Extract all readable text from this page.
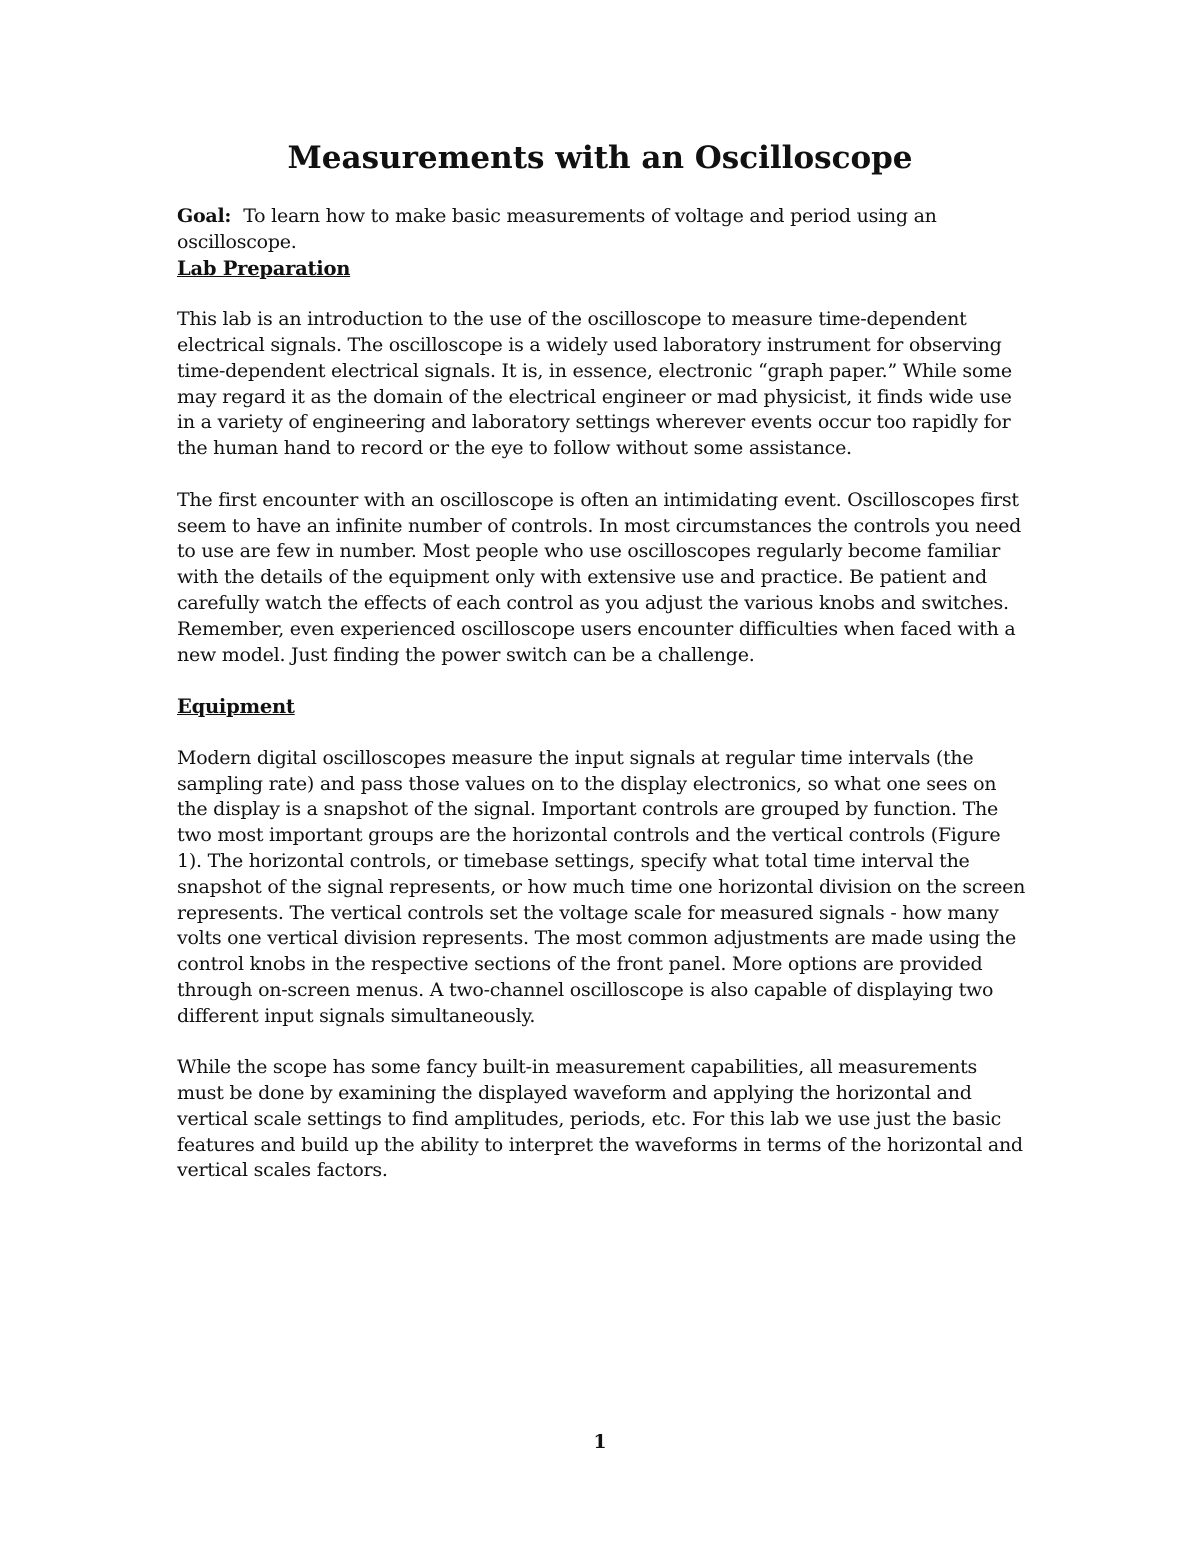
Measurements with an Oscilloscope

Goal: To learn how to make basic measurements of voltage and period using an oscilloscope.

Lab Preparation

This lab is an introduction to the use of the oscilloscope to measure time-dependent electrical signals. The oscilloscope is a widely used laboratory instrument for observing time-dependent electrical signals. It is, in essence, electronic “graph paper.” While some may regard it as the domain of the electrical engineer or mad physicist, it finds wide use in a variety of engineering and laboratory settings wherever events occur too rapidly for the human hand to record or the eye to follow without some assistance.

The first encounter with an oscilloscope is often an intimidating event. Oscilloscopes first seem to have an infinite number of controls. In most circumstances the controls you need to use are few in number. Most people who use oscilloscopes regularly become familiar with the details of the equipment only with extensive use and practice. Be patient and carefully watch the effects of each control as you adjust the various knobs and switches. Remember, even experienced oscilloscope users encounter difficulties when faced with a new model. Just finding the power switch can be a challenge.

Equipment

Modern digital oscilloscopes measure the input signals at regular time intervals (the sampling rate) and pass those values on to the display electronics, so what one sees on the display is a snapshot of the signal. Important controls are grouped by function. The two most important groups are the horizontal controls and the vertical controls (Figure 1). The horizontal controls, or timebase settings, specify what total time interval the snapshot of the signal represents, or how much time one horizontal division on the screen represents. The vertical controls set the voltage scale for measured signals - how many volts one vertical division represents. The most common adjustments are made using the control knobs in the respective sections of the front panel. More options are provided through on-screen menus. A two-channel oscilloscope is also capable of displaying two different input signals simultaneously.

While the scope has some fancy built-in measurement capabilities, all measurements must be done by examining the displayed waveform and applying the horizontal and vertical scale settings to find amplitudes, periods, etc. For this lab we use just the basic features and build up the ability to interpret the waveforms in terms of the horizontal and vertical scales factors.

1
